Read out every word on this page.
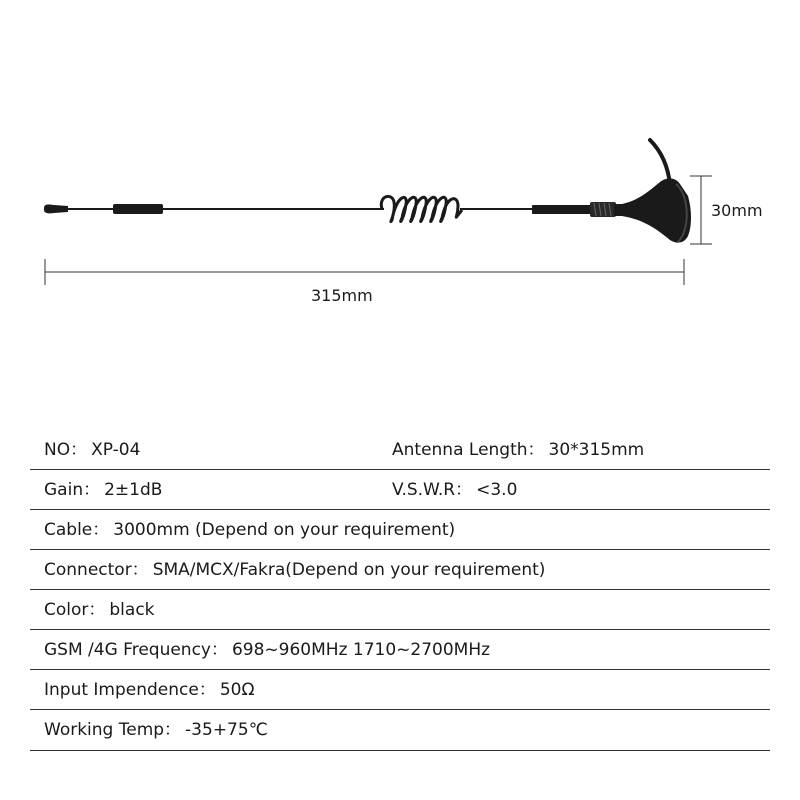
315mm
30mm
NO： XP-04	Antenna Length： 30*315mm
Gain： 2±1dB	V.S.W.R： <3.0
Cable： 3000mm (Depend on your requirement)
Connector： SMA/MCX/Fakra(Depend on your requirement)
Color： black
GSM /4G Frequency： 698~960MHz 1710~2700MHz
Input Impendence： 50Ω
Working Temp： -35+75℃
